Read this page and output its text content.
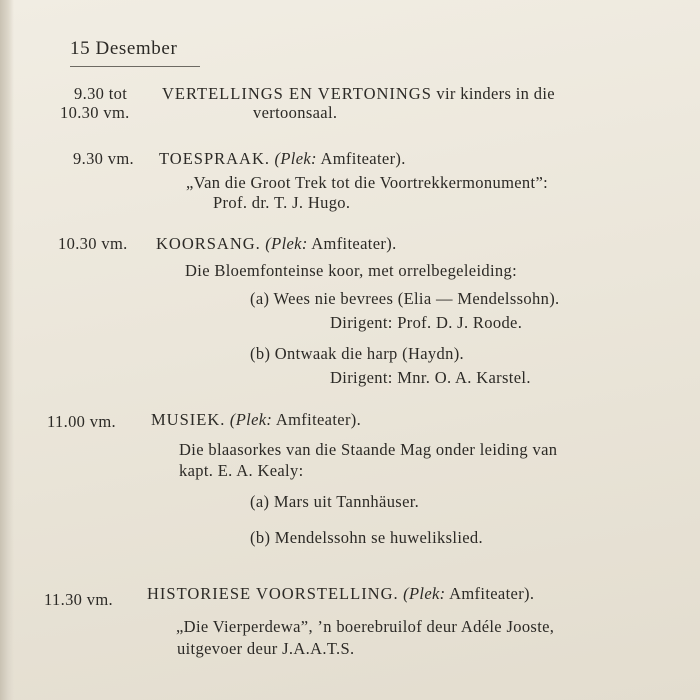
15 Desember
9.30 tot
10.30 vm.
VERTELLINGS EN VERTONINGS vir kinders in die
vertoonsaal.
9.30 vm. TOESPRAAK. (Plek: Amfiteater).
„Van die Groot Trek tot die Voortrekkermonument”:
Prof. dr. T. J. Hugo.
10.30 vm. KOORSANG. (Plek: Amfiteater).
Die Bloemfonteinse koor, met orrelbegeleiding:
(a) Wees nie bevrees (Elia — Mendelssohn).
Dirigent: Prof. D. J. Roode.
(b) Ontwaak die harp (Haydn).
Dirigent: Mnr. O. A. Karstel.
11.00 vm. MUSIEK. (Plek: Amfiteater).
Die blaasorkes van die Staande Mag onder leiding van
kapt. E. A. Kealy:
(a) Mars uit Tannhäuser.
(b) Mendelssohn se huwelikslied.
11.30 vm. HISTORIESE VOORSTELLING. (Plek: Amfiteater).
„Die Vierperdewa”, ’n boerebruilof deur Adéle Jooste,
uitgevoer deur J.A.A.T.S.
